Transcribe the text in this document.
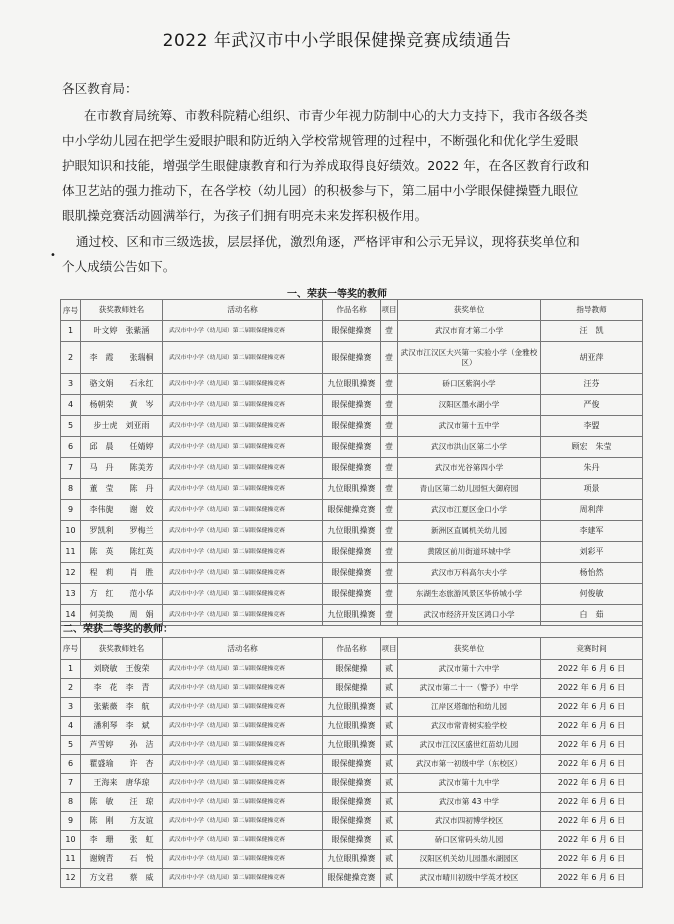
2022 年武汉市中小学眼保健操竞赛成绩通告
各区教育局：
在市教育局统筹、市教科院精心组织、市青少年视力防制中心的大力支持下，我市各级各类
中小学幼儿园在把学生爱眼护眼和防近纳入学校常规管理的过程中，不断强化和优化学生爱眼
护眼知识和技能，增强学生眼健康教育和行为养成取得良好绩效。2022 年，在各区教育行政和
体卫艺站的强力推动下，在各学校（幼儿园）的积极参与下，第二届中小学眼保健操暨九眼位
眼肌操竞赛活动圆满举行，为孩子们拥有明亮未来发挥积极作用。
通过校、区和市三级选拔，层层择优，激烈角逐，严格评审和公示无异议，现将获奖单位和
个人成绩公告如下。
•
一、荣获一等奖的教师
序号	获奖教师姓名	活动名称	作品名称	项目	获奖单位	指导教师
1	叶文婷　张紫涵	武汉市中小学（幼儿园）第二届眼保健操竞赛	眼保健操赛	壹	武汉市育才第二小学	汪　凯
2	李　霞　　张瑞桐	武汉市中小学（幼儿园）第二届眼保健操竞赛	眼保健操赛	壹	武汉市江汉区大兴第一实验小学（金雅校区）	胡亚萍
3	骆文娟　　石永红	武汉市中小学（幼儿园）第二届眼保健操竞赛	九位眼肌操赛	壹	硚口区紫润小学	汪芬
4	杨朝荣　　黄　岑	武汉市中小学（幼儿园）第二届眼保健操竞赛	眼保健操赛	壹	汉阳区墨水湖小学	严俊
5	步士虎　刘亚雨	武汉市中小学（幼儿园）第二届眼保健操竞赛	眼保健操赛	壹	武汉市第十五中学	李盟
6	邱　晨　　任婧婷	武汉市中小学（幼儿园）第二届眼保健操竞赛	眼保健操赛	壹	武汉市洪山区第二小学	顾宏　朱莹
7	马　丹　　陈美芳	武汉市中小学（幼儿园）第二届眼保健操竞赛	眼保健操赛	壹	武汉市光谷第四小学	朱丹
8	董　莹　　陈　丹	武汉市中小学（幼儿园）第二届眼保健操竞赛	九位眼肌操赛	壹	青山区第二幼儿园恒大御府园	项景
9	李伟旎　　谢　姣	武汉市中小学（幼儿园）第二届眼保健操竞赛	眼保健操竞赛	壹	武汉市江夏区金口小学	周利萍
10	罗凯利　　罗梅兰	武汉市中小学（幼儿园）第二届眼保健操竞赛	九位眼肌操赛	壹	新洲区直属机关幼儿园	李建军
11	陈　英　　陈红英	武汉市中小学（幼儿园）第二届眼保健操竞赛	眼保健操赛	壹	黄陂区前川街道环城中学	刘彩平
12	程　莉　　肖　胜	武汉市中小学（幼儿园）第二届眼保健操竞赛	眼保健操赛	壹	武汉市万科高尔夫小学	杨怡然
13	方　红　　范小华	武汉市中小学（幼儿园）第二届眼保健操竞赛	眼保健操赛	壹	东湖生态旅游风景区华侨城小学	何俊敏
14	何美焕　　周　娟	武汉市中小学（幼儿园）第二届眼保健操竞赛	九位眼肌操赛	壹	武汉市经济开发区鸿口小学	白　茹
二、荣获二等奖的教师：						
序号	获奖教师姓名	活动名称	作品名称	项目	获奖单位	竞赛时间
1	刘晓敏　王俊荣	武汉市中小学（幼儿园）第二届眼保健操竞赛	眼保健操	贰	武汉市第十六中学	2022 年 6 月 6 日
2	李　花　李　青	武汉市中小学（幼儿园）第二届眼保健操竞赛	眼保健操	贰	武汉市第二十一（警予）中学	2022 年 6 月 6 日
3	张紫薇　李　航	武汉市中小学（幼儿园）第二届眼保健操竞赛	九位眼肌操赛	贰	江岸区塔珈怡和幼儿园	2022 年 6 月 6 日
4	潘利琴　李　斌	武汉市中小学（幼儿园）第二届眼保健操竞赛	九位眼肌操赛	贰	武汉市常青树实验学校	2022 年 6 月 6 日
5	芦雪婷　　孙　洁	武汉市中小学（幼儿园）第二届眼保健操竞赛	九位眼肌操赛	贰	武汉市江汉区盛世红苗幼儿园	2022 年 6 月 6 日
6	瞿盛瑜　　许　杏	武汉市中小学（幼儿园）第二届眼保健操竞赛	眼保健操赛	贰	武汉市第一初级中学（东校区）	2022 年 6 月 6 日
7	王海来　唐华琼	武汉市中小学（幼儿园）第二届眼保健操竞赛	眼保健操赛	贰	武汉市第十九中学	2022 年 6 月 6 日
8	陈　敏　　汪　琼	武汉市中小学（幼儿园）第二届眼保健操竞赛	眼保健操赛	贰	武汉市第 43 中学	2022 年 6 月 6 日
9	陈　刚　　方友谊	武汉市中小学（幼儿园）第二届眼保健操竞赛	眼保健操赛	贰	武汉市四初博学校区	2022 年 6 月 6 日
10	李　珊　　张　虹	武汉市中小学（幼儿园）第二届眼保健操竞赛	眼保健操赛	贰	硚口区常码头幼儿园	2022 年 6 月 6 日
11	谢婉青　　石　悦	武汉市中小学（幼儿园）第二届眼保健操竞赛	九位眼肌操赛	贰	汉阳区机关幼儿园墨水湖园区	2022 年 6 月 6 日
12	方文君　　蔡　威	武汉市中小学（幼儿园）第二届眼保健操竞赛	眼保健操竞赛	贰	武汉市晴川初级中学英才校区	2022 年 6 月 6 日
